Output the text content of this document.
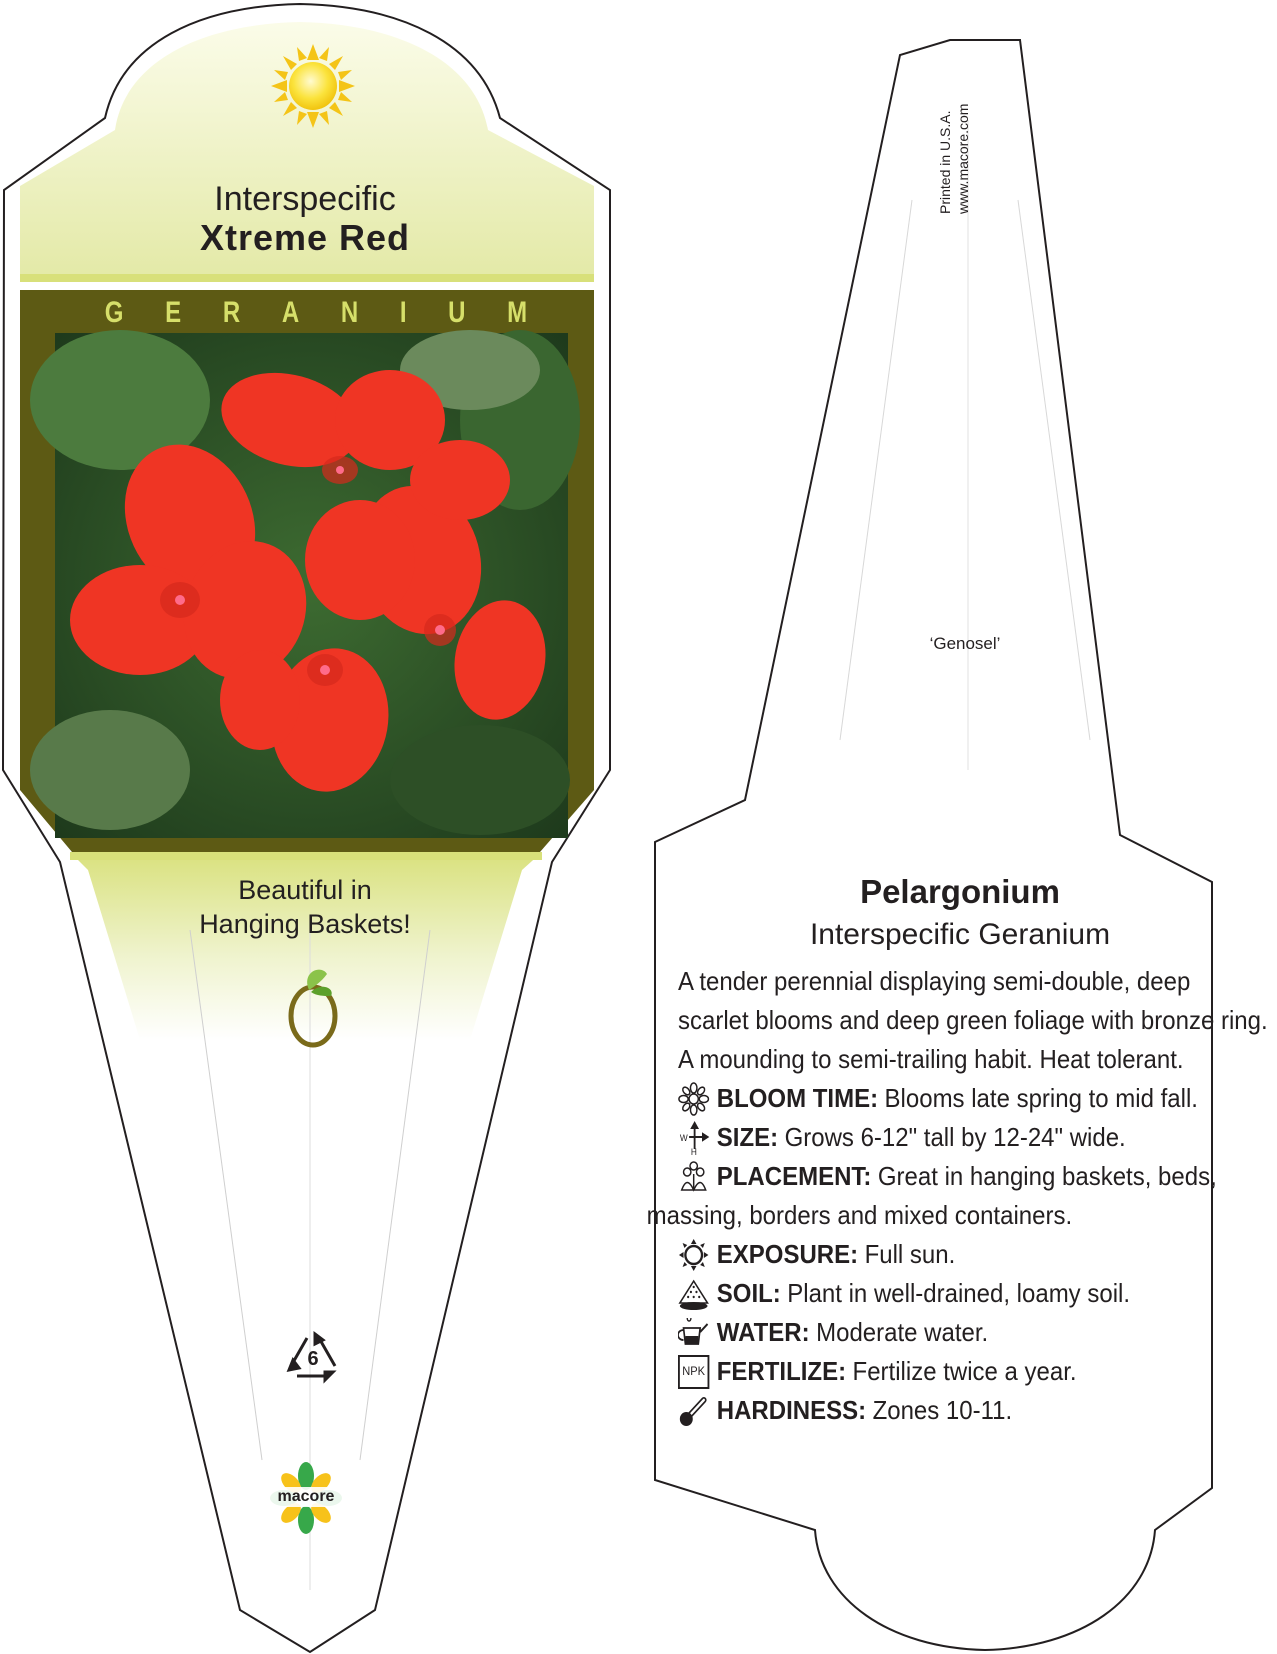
Interspecific
Xtreme Red
G E R A N I U M
Beautiful in
Hanging Baskets!
6
macore
Printed in U.S.A. www.macore.com
‘Genosel’
Pelargonium
Interspecific Geranium

A tender perennial displaying semi-double, deep

scarlet blooms and deep green foliage with bronze ring.

A mounding to semi-trailing habit. Heat tolerant.

BLOOM TIME: Blooms late spring to mid fall.
W
H SIZE: Grows 6-12" tall by 12-24" wide.
PLACEMENT: Great in hanging baskets, beds,

massing, borders and mixed containers.

EXPOSURE: Full sun.
SOIL: Plant in well-drained, loamy soil.
WATER: Moderate water.
NPK FERTILIZE: Fertilize twice a year.
HARDINESS: Zones 10-11.
